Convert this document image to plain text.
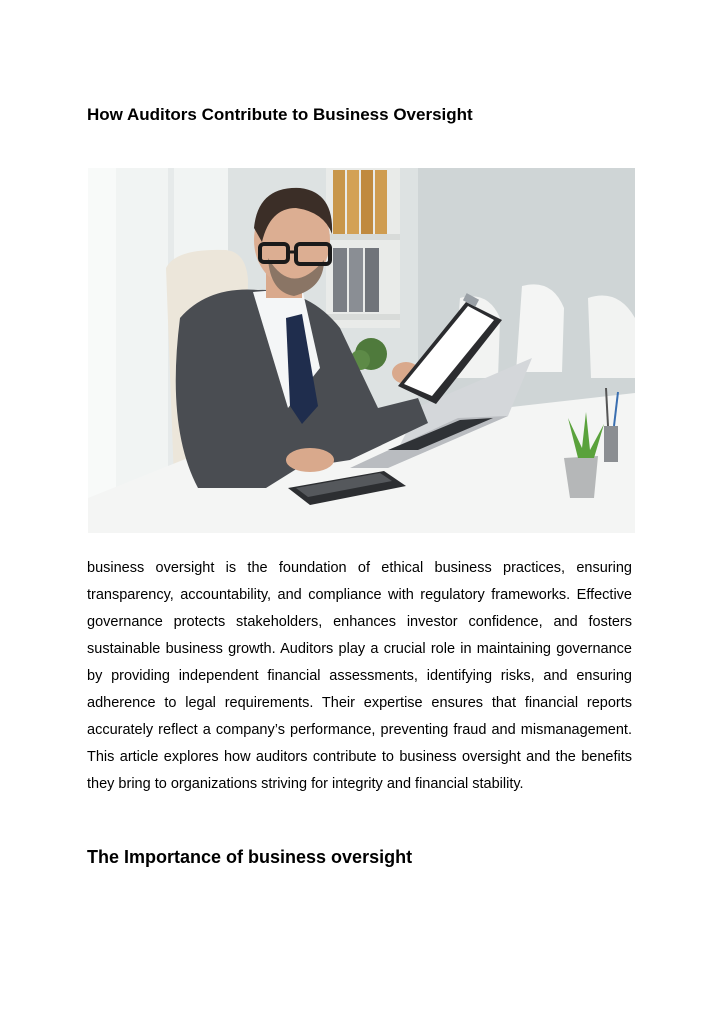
How Auditors Contribute to Business Oversight

business oversight is the foundation of ethical business practices, ensuring transparency, accountability, and compliance with regulatory frameworks. Effective governance protects stakeholders, enhances investor confidence, and fosters sustainable business growth. Auditors play a crucial role in maintaining governance by providing independent financial assessments, identifying risks, and ensuring adherence to legal requirements. Their expertise ensures that financial reports accurately reflect a company’s performance, preventing fraud and mismanagement. This article explores how auditors contribute to business oversight and the benefits they bring to organizations striving for integrity and financial stability.

The Importance of business oversight
